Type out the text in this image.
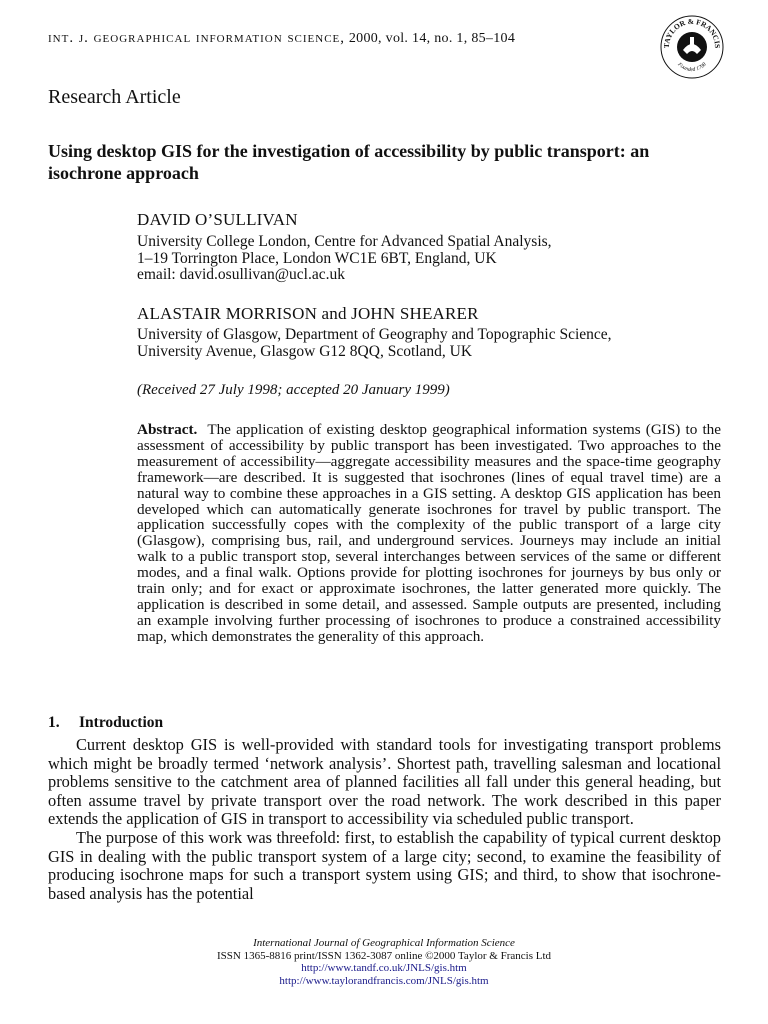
int. j. geographical information science, 2000, vol. 14, no. 1, 85–104	TAYLOR & FRANCIS
Founded 1798
Research Article
Using desktop GIS for the investigation of accessibility by public transport: an isochrone approach
DAVID O’SULLIVAN
University College London, Centre for Advanced Spatial Analysis,
1–19 Torrington Place, London WC1E 6BT, England, UK
email: david.osullivan@ucl.ac.uk
ALASTAIR MORRISON and JOHN SHEARER
University of Glasgow, Department of Geography and Topographic Science,
University Avenue, Glasgow G12 8QQ, Scotland, UK
(Received 27 July 1998; accepted 20 January 1999)
Abstract. The application of existing desktop geographical information systems (GIS) to the assessment of accessibility by public transport has been investigated. Two approaches to the measurement of accessibility—aggregate accessibility measures and the space-time geography framework—are described. It is suggested that isochrones (lines of equal travel time) are a natural way to combine these approaches in a GIS setting. A desktop GIS application has been developed which can automatically generate isochrones for travel by public transport. The application successfully copes with the complexity of the public transport of a large city (Glasgow), comprising bus, rail, and underground services. Journeys may include an initial walk to a public transport stop, several interchanges between services of the same or different modes, and a final walk. Options provide for plotting isochrones for journeys by bus only or train only; and for exact or approximate isochrones, the latter generated more quickly. The application is described in some detail, and assessed. Sample outputs are presented, including an example involving further processing of isochrones to produce a constrained accessibility map, which demonstrates the generality of this approach.
1. Introduction

Current desktop GIS is well-provided with standard tools for investigating transport problems which might be broadly termed ‘network analysis’. Shortest path, travelling salesman and locational problems sensitive to the catchment area of planned facilities all fall under this general heading, but often assume travel by private transport over the road network. The work described in this paper extends the application of GIS in transport to accessibility via scheduled public transport.

The purpose of this work was threefold: first, to establish the capability of typical current desktop GIS in dealing with the public transport system of a large city; second, to examine the feasibility of producing isochrone maps for such a transport system using GIS; and third, to show that isochrone-based analysis has the potential

International Journal of Geographical Information Science
ISSN 1365-8816 print/ISSN 1362-3087 online ©2000 Taylor & Francis Ltd
http://www.tandf.co.uk/JNLS/gis.htm
http://www.taylorandfrancis.com/JNLS/gis.htm
